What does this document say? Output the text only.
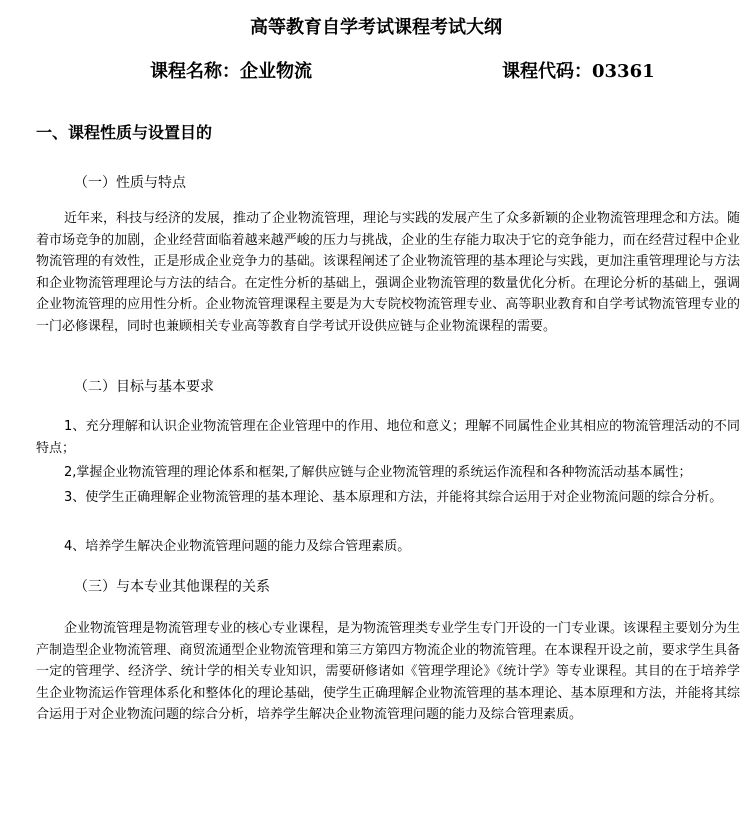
高等教育自学考试课程考试大纲
课程名称：企业物流	课程代码：03361
一、课程性质与设置目的
（一）性质与特点

近年来，科技与经济的发展，推动了企业物流管理，理论与实践的发展产生了众多新颖的企业物流管理理念和方法。随着市场竞争的加剧，企业经营面临着越来越严峻的压力与挑战，企业的生存能力取决于它的竞争能力，而在经营过程中企业物流管理的有效性，正是形成企业竞争力的基础。该课程阐述了企业物流管理的基本理论与实践，更加注重管理理论与方法和企业物流管理理论与方法的结合。在定性分析的基础上，强调企业物流管理的数量优化分析。在理论分析的基础上，强调企业物流管理的应用性分析。企业物流管理课程主要是为大专院校物流管理专业、高等职业教育和自学考试物流管理专业的一门必修课程，同时也兼顾相关专业高等教育自学考试开设供应链与企业物流课程的需要。

（二）目标与基本要求

1、充分理解和认识企业物流管理在企业管理中的作用、地位和意义；理解不同属性企业其相应的物流管理活动的不同特点；

2,掌握企业物流管理的理论体系和框架,了解供应链与企业物流管理的系统运作流程和各种物流活动基本属性；

3、使学生正确理解企业物流管理的基本理论、基本原理和方法，并能将其综合运用于对企业物流问题的综合分析。

4、培养学生解决企业物流管理问题的能力及综合管理素质。

（三）与本专业其他课程的关系

企业物流管理是物流管理专业的核心专业课程，是为物流管理类专业学生专门开设的一门专业课。该课程主要划分为生产制造型企业物流管理、商贸流通型企业物流管理和第三方第四方物流企业的物流管理。在本课程开设之前，要求学生具备一定的管理学、经济学、统计学的相关专业知识，需要研修诸如《管理学理论》《统计学》等专业课程。其目的在于培养学生企业物流运作管理体系化和整体化的理论基础，使学生正确理解企业物流管理的基本理论、基本原理和方法，并能将其综合运用于对企业物流问题的综合分析，培养学生解决企业物流管理问题的能力及综合管理素质。
